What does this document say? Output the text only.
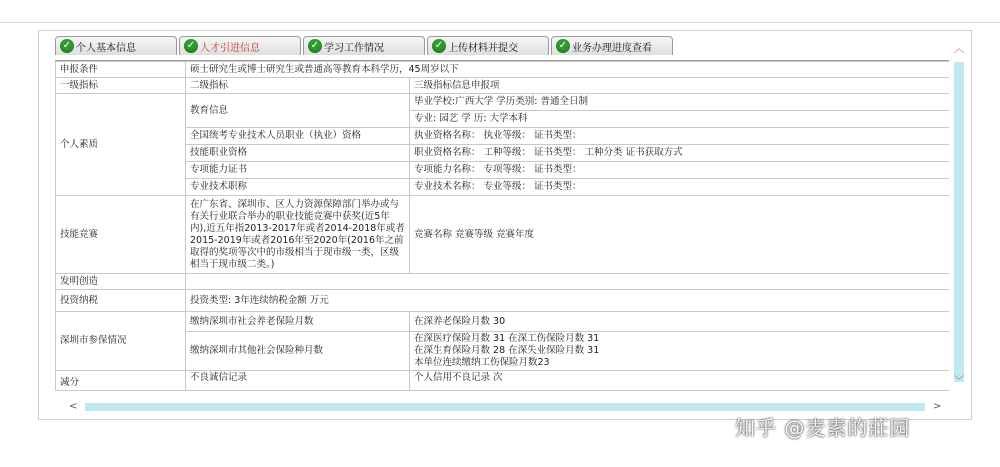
✓ 个人基本信息	✓ 人才引进信息	✓ 学习工作情况	✓ 上传材料并提交	✓ 业务办理进度查看
申报条件	硕士研究生或博士研究生或普通高等教育本科学历，45周岁以下	
一级指标	二级指标	三级指标信息申报项
个人素质	教育信息	毕业学校:广西大学 学历类别: 普通全日制
		专业: 园艺 学 历: 大学本科
	全国统考专业技术人员职业（执业）资格	执业资格名称： 执业等级： 证书类型：
	技能职业资格	职业资格名称： 工种等级： 证书类型： 工种分类 证书获取方式
	专项能力证书	专项能力名称： 专项等级： 证书类型：
	专业技术职称	专业技术名称： 专业等级： 证书类型：
技能竞赛	在广东省、深圳市、区人力资源保障部门举办或与有关行业联合举办的职业技能竞赛中获奖(近5年内),近五年指2013-2017年或者2014-2018年或者2015-2019年或者2016年至2020年(2016年之前取得的奖项等次中的市级相当于现市级一类，区级相当于现市级二类。)	竞赛名称 竞赛等级 竞赛年度
发明创造		
投资纳税	投资类型: 3年连续纳税金额 万元	
深圳市参保情况	缴纳深圳市社会养老保险月数	在深养老保险月数 30
	缴纳深圳市其他社会保险种月数	在深医疗保险月数 31 在深工伤保险月数 31
在深生育保险月数 28 在深失业保险月数 31
本单位连续缴纳工伤保险月数23

减分	不良诚信记录	个人信用不良记录 次
︿
﹀
<	>
知乎 @麦素的莊园
